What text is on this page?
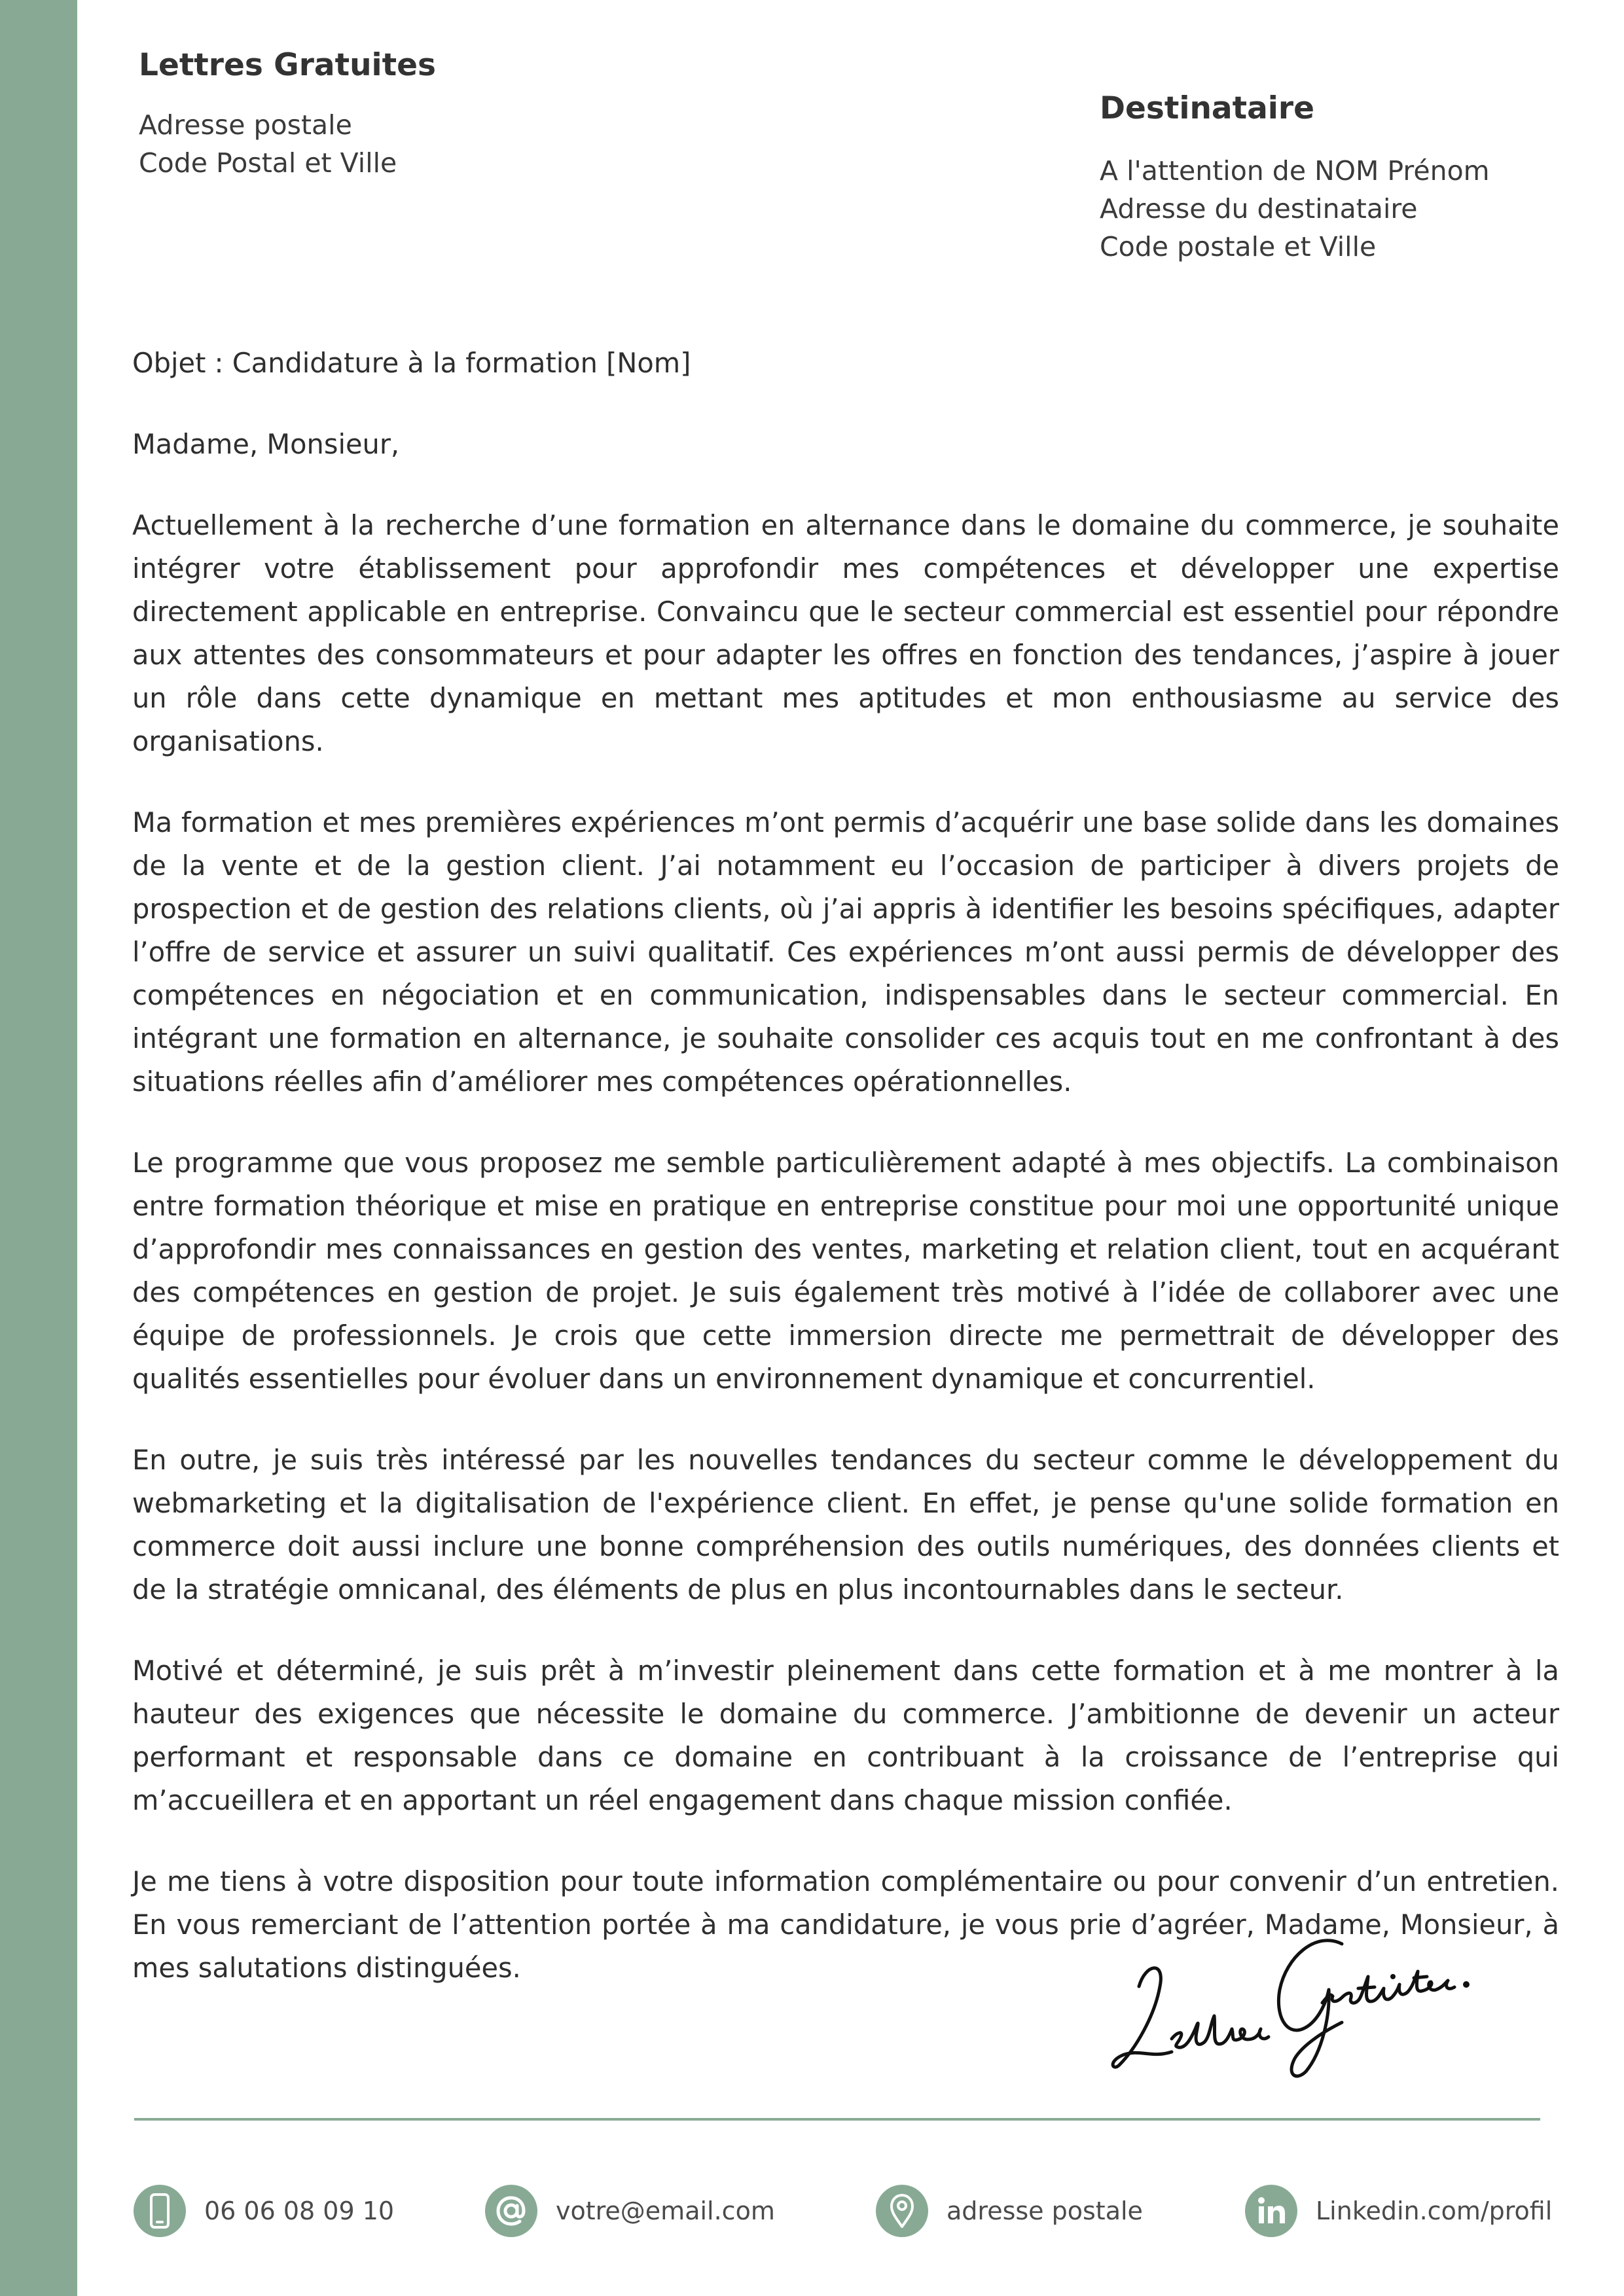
Lettres Gratuites
Adresse postale
Code Postal et Ville
Destinataire
A l'attention de NOM Prénom
Adresse du destinataire
Code postale et Ville

Objet : Candidature à la formation [Nom]

Madame, Monsieur,

Actuellement à la recherche d’une formation en alternance dans le domaine du commerce, je souhaite intégrer votre établissement pour approfondir mes compétences et développer une expertise directement applicable en entreprise. Convaincu que le secteur commercial est essentiel pour répondre aux attentes des consommateurs et pour adapter les offres en fonction des tendances, j’aspire à jouer un rôle dans cette dynamique en mettant mes aptitudes et mon enthousiasme au service des organisations.

Ma formation et mes premières expériences m’ont permis d’acquérir une base solide dans les domaines de la vente et de la gestion client. J’ai notamment eu l’occasion de participer à divers projets de prospection et de gestion des relations clients, où j’ai appris à identifier les besoins spécifiques, adapter l’offre de service et assurer un suivi qualitatif. Ces expériences m’ont aussi permis de développer des compétences en négociation et en communication, indispensables dans le secteur commercial. En intégrant une formation en alternance, je souhaite consolider ces acquis tout en me confrontant à des situations réelles afin d’améliorer mes compétences opérationnelles.

Le programme que vous proposez me semble particulièrement adapté à mes objectifs. La combinaison entre formation théorique et mise en pratique en entreprise constitue pour moi une opportunité unique d’approfondir mes connaissances en gestion des ventes, marketing et relation client, tout en acquérant des compétences en gestion de projet. Je suis également très motivé à l’idée de collaborer avec une équipe de professionnels. Je crois que cette immersion directe me permettrait de développer des qualités essentielles pour évoluer dans un environnement dynamique et concurrentiel.

En outre, je suis très intéressé par les nouvelles tendances du secteur comme le développement du webmarketing et la digitalisation de l'expérience client. En effet, je pense qu'une solide formation en commerce doit aussi inclure une bonne compréhension des outils numériques, des données clients et de la stratégie omnicanal, des éléments de plus en plus incontournables dans le secteur.

Motivé et déterminé, je suis prêt à m’investir pleinement dans cette formation et à me montrer à la hauteur des exigences que nécessite le domaine du commerce. J’ambitionne de devenir un acteur performant et responsable dans ce domaine en contribuant à la croissance de l’entreprise qui m’accueillera et en apportant un réel engagement dans chaque mission confiée.

Je me tiens à votre disposition pour toute information complémentaire ou pour convenir d’un entretien. En vous remerciant de l’attention portée à ma candidature, je vous prie d’agréer, Madame, Monsieur, à mes salutations distinguées.

06 06 08 09 10	votre@email.com	adresse postale	Linkedin.com/profil
